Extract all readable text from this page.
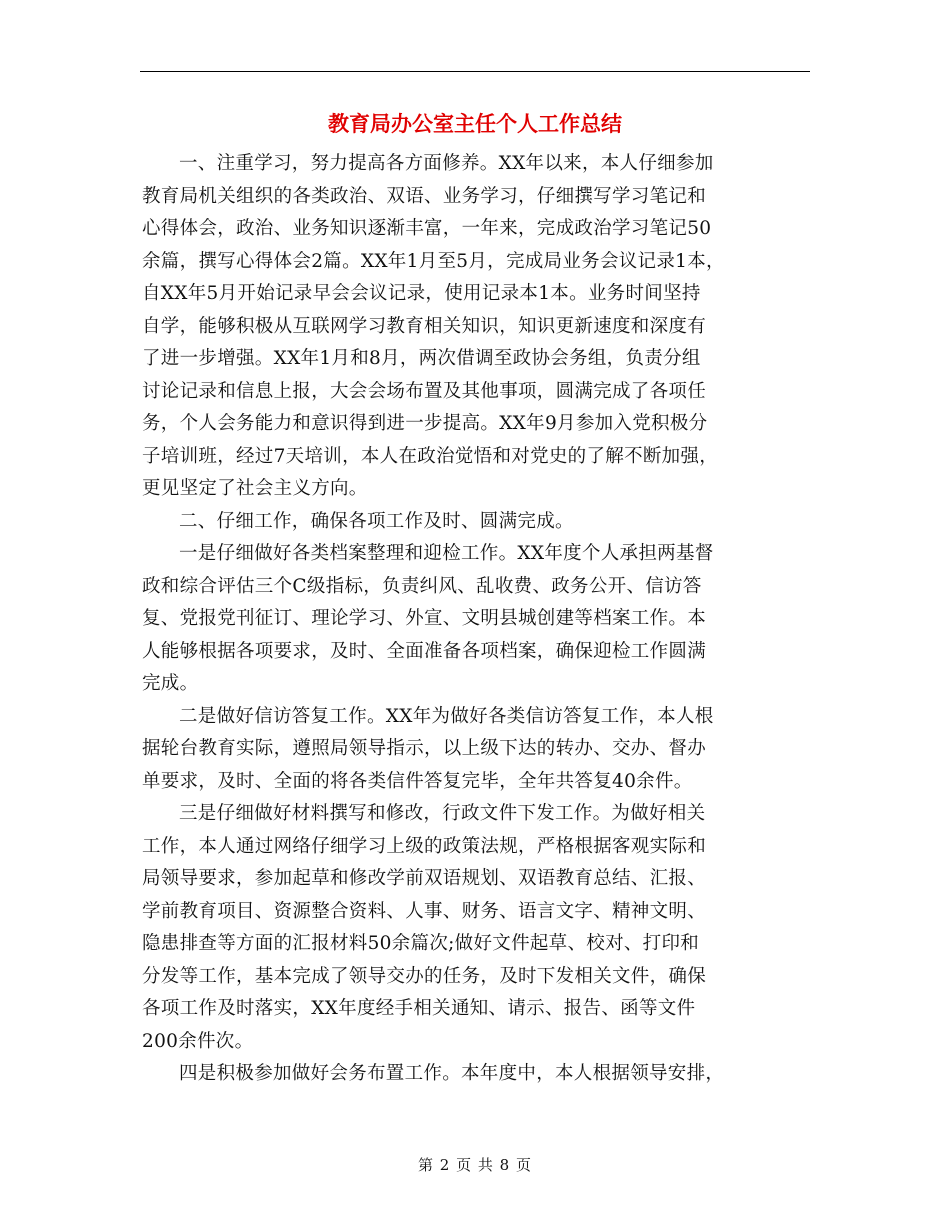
教育局办公室主任个人工作总结

一、注重学习，努力提高各方面修养。XX年以来，本人仔细参加
教育局机关组织的各类政治、双语、业务学习，仔细撰写学习笔记和
心得体会，政治、业务知识逐渐丰富，一年来，完成政治学习笔记50
余篇，撰写心得体会2篇。XX年1月至5月，完成局业务会议记录1本，
自XX年5月开始记录早会会议记录，使用记录本1本。业务时间坚持
自学，能够积极从互联网学习教育相关知识，知识更新速度和深度有
了进一步增强。XX年1月和8月，两次借调至政协会务组，负责分组
讨论记录和信息上报，大会会场布置及其他事项，圆满完成了各项任
务，个人会务能力和意识得到进一步提高。XX年9月参加入党积极分
子培训班，经过7天培训，本人在政治觉悟和对党史的了解不断加强，
更见坚定了社会主义方向。

二、仔细工作，确保各项工作及时、圆满完成。

一是仔细做好各类档案整理和迎检工作。XX年度个人承担两基督
政和综合评估三个C级指标，负责纠风、乱收费、政务公开、信访答
复、党报党刊征订、理论学习、外宣、文明县城创建等档案工作。本
人能够根据各项要求，及时、全面准备各项档案，确保迎检工作圆满
完成。

二是做好信访答复工作。XX年为做好各类信访答复工作，本人根
据轮台教育实际，遵照局领导指示，以上级下达的转办、交办、督办
单要求，及时、全面的将各类信件答复完毕，全年共答复40余件。

三是仔细做好材料撰写和修改，行政文件下发工作。为做好相关
工作，本人通过网络仔细学习上级的政策法规，严格根据客观实际和
局领导要求，参加起草和修改学前双语规划、双语教育总结、汇报、
学前教育项目、资源整合资料、人事、财务、语言文字、精神文明、
隐患排查等方面的汇报材料50余篇次;做好文件起草、校对、打印和
分发等工作，基本完成了领导交办的任务，及时下发相关文件，确保
各项工作及时落实，XX年度经手相关通知、请示、报告、函等文件
200余件次。

四是积极参加做好会务布置工作。本年度中，本人根据领导安排，

第 2 页 共 8 页
